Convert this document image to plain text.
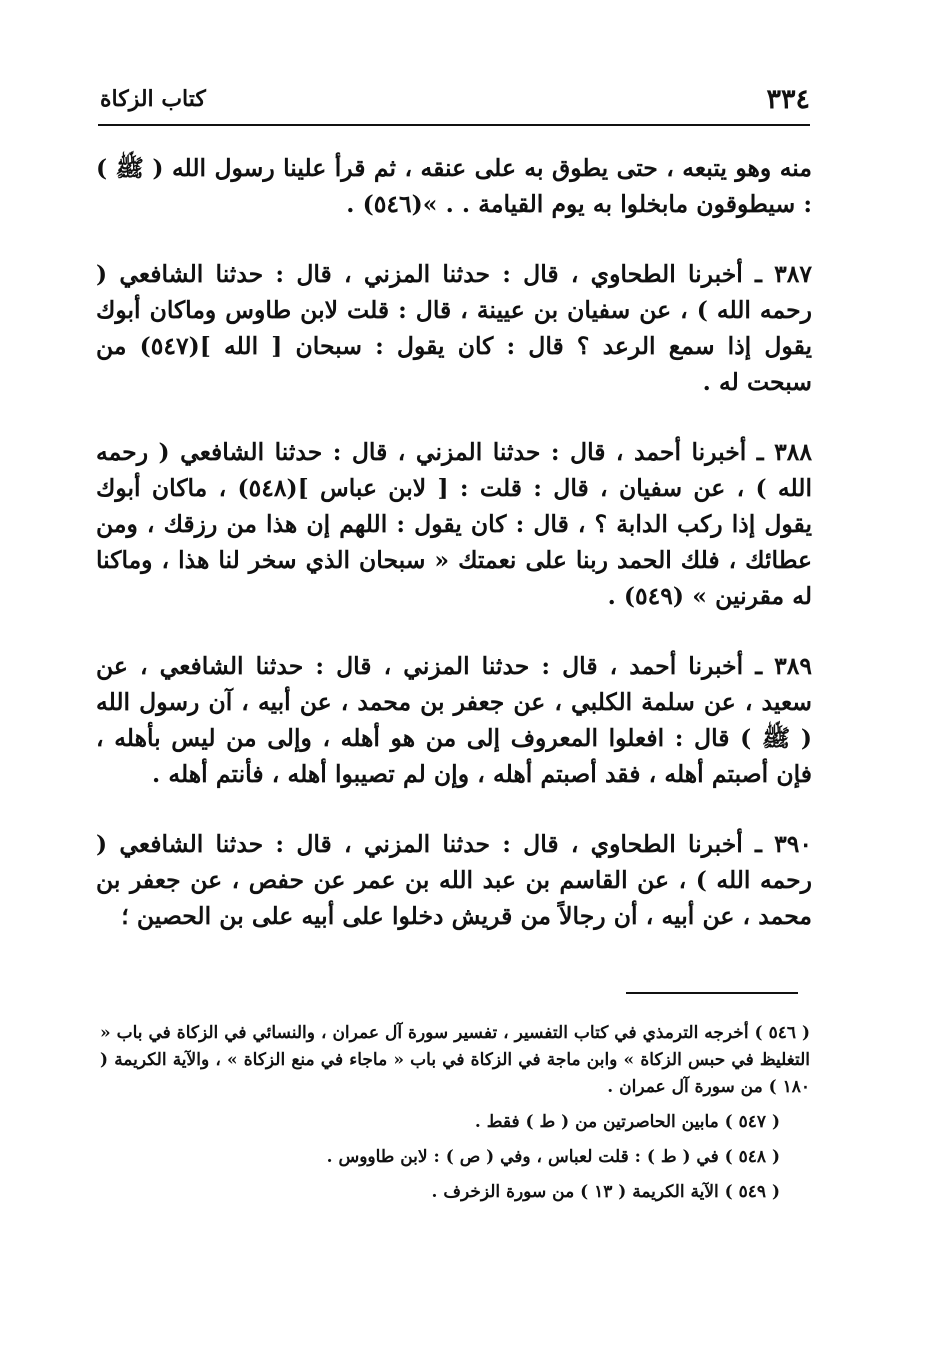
٣٣٤
كتاب الزكاة

منه وهو يتبعه ، حتى يطوق به على عنقه ، ثم قرأ علينا رسول الله ( ﷺ ) : سيطوقون مابخلوا به يوم القيامة . . »(٥٤٦) .

٣٨٧ ـ أخبرنا الطحاوي ، قال : حدثنا المزني ، قال : حدثنا الشافعي ( رحمه الله ) ، عن سفيان بن عيينة ، قال : قلت لابن طاوس وماكان أبوك يقول إذا سمع الرعد ؟ قال : كان يقول : سبحان [ الله ](٥٤٧) من سبحت له .

٣٨٨ ـ أخبرنا أحمد ، قال : حدثنا المزني ، قال : حدثنا الشافعي ( رحمه الله ) ، عن سفيان ، قال : قلت : [ لابن عباس ](٥٤٨) ، ماكان أبوك يقول إذا ركب الدابة ؟ ، قال : كان يقول : اللهم إن هذا من رزقك ، ومن عطائك ، فلك الحمد ربنا على نعمتك « سبحان الذي سخر لنا هذا ، وماكنا له مقرنين » (٥٤٩) .

٣٨٩ ـ أخبرنا أحمد ، قال : حدثنا المزني ، قال : حدثنا الشافعي ، عن سعيد ، عن سلمة الكلبي ، عن جعفر بن محمد ، عن أبيه ، آن رسول الله ( ﷺ ) قال : افعلوا المعروف إلى من هو أهله ، وإلى من ليس بأهله ، فإن أصبتم أهله ، فقد أصبتم أهله ، وإن لم تصيبوا أهله ، فأنتم أهله .

٣٩٠ ـ أخبرنا الطحاوي ، قال : حدثنا المزني ، قال : حدثنا الشافعي ( رحمه الله ) ، عن القاسم بن عبد الله بن عمر عن حفص ، عن جعفر بن محمد ، عن أبيه ، أن رجالاً من قريش دخلوا على أبيه على بن الحصين ؛

( ٥٤٦ ) أخرجه الترمذي في كتاب التفسير ، تفسير سورة آل عمران ، والنسائي في الزكاة في باب « التغليظ في حبس الزكاة » وابن ماجة في الزكاة في باب « ماجاء في منع الزكاة » ، والآية الكريمة ( ١٨٠ ) من سورة آل عمران .

( ٥٤٧ ) مابين الحاصرتين من ( ط ) فقط .

( ٥٤٨ ) في ( ط ) : قلت لعباس ، وفي ( ص ) : لابن طاووس .

( ٥٤٩ ) الآية الكريمة ( ١٣ ) من سورة الزخرف .
